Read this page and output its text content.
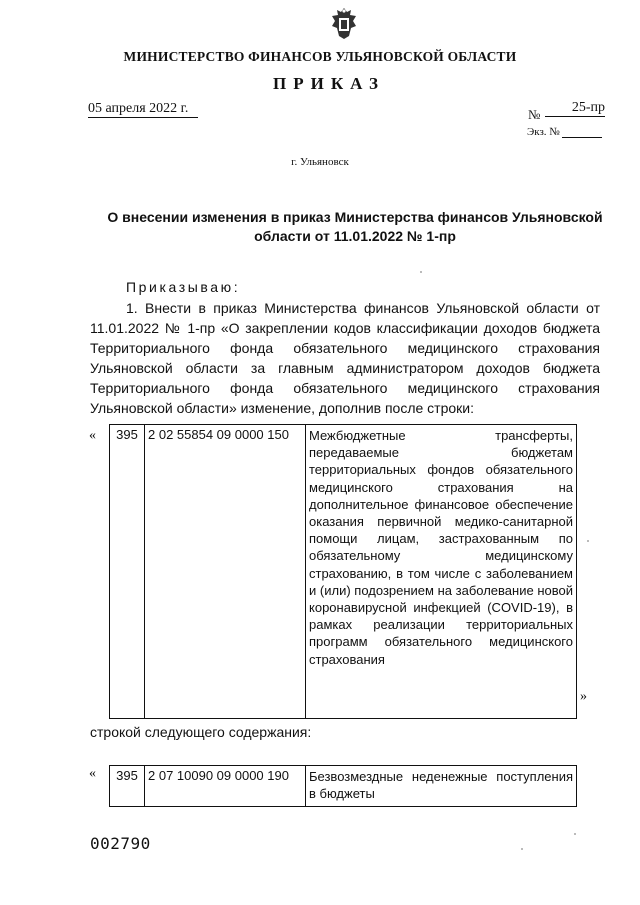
МИНИСТЕРСТВО ФИНАНСОВ УЛЬЯНОВСКОЙ ОБЛАСТИ
ПРИКАЗ
05 апреля 2022 г.	№	25-пр
Экз. №
г. Ульяновск
О внесении изменения в приказ Министерства финансов Ульяновской области от 11.01.2022 № 1-пр
Приказываю:
1. Внести в приказ Министерства финансов Ульяновской области от 11.01.2022 № 1-пр «О закреплении кодов классификации доходов бюджета Территориального фонда обязательного медицинского страхования Ульяновской области за главным администратором доходов бюджета Территориального фонда обязательного медицинского страхования Ульяновской области» изменение, дополнив после строки:
« 395	2 02 55854 09 0000 150	Межбюджетные трансферты, передаваемые бюджетам территориальных фондов обязательного медицинского страхования на дополнительное финансовое обеспечение оказания первичной медико-санитарной помощи лицам, застрахованным по обязательному медицинскому страхованию, в том числе с заболеванием и (или) подозрением на заболевание новой коронавирусной инфекцией (COVID-19), в рамках реализации территориальных программ обязательного медицинского страхования
»
строкой следующего содержания:
« 395	2 07 10090 09 0000 190	Безвозмездные неденежные поступления в бюджеты
002790
